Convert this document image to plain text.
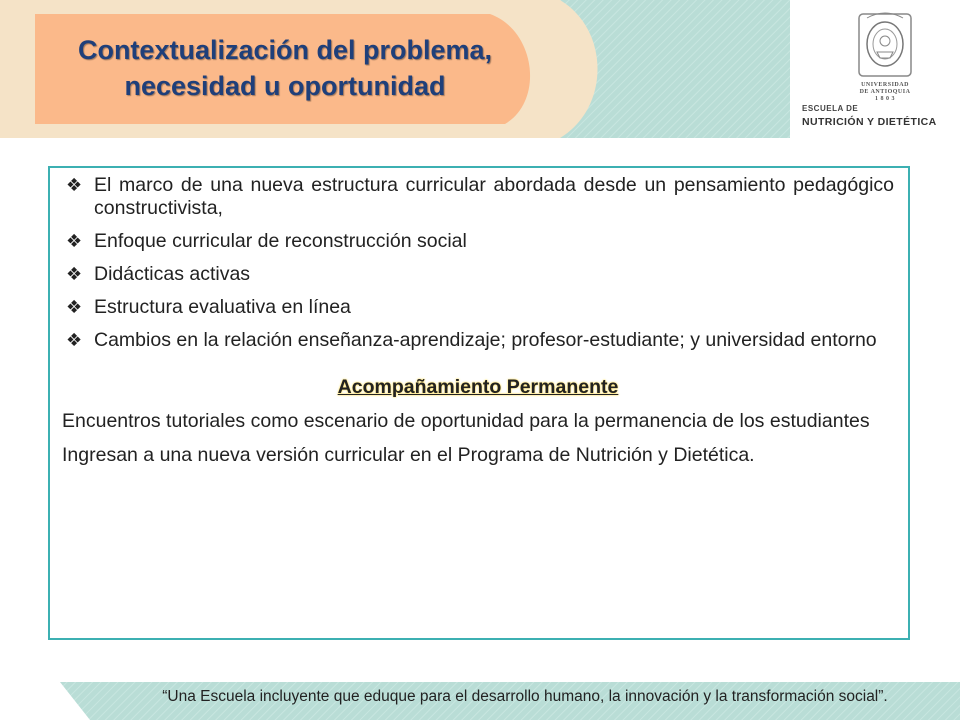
Contextualización del problema,
necesidad u oportunidad	UNIVERSIDAD
DE ANTIOQUIA
1 8 0 3
ESCUELA DE
NUTRICIÓN Y DIETÉTICA
❖ El marco de una nueva estructura curricular abordada desde un pensamiento pedagógico constructivista,
❖ Enfoque curricular de reconstrucción social
❖ Didácticas activas
❖ Estructura evaluativa en línea
❖ Cambios en la relación enseñanza-aprendizaje; profesor-estudiante; y universidad entorno
Acompañamiento Permanente
Encuentros tutoriales como escenario de oportunidad para la permanencia de los estudiantes
Ingresan a una nueva versión curricular en el Programa de Nutrición y Dietética.
“Una Escuela incluyente que eduque para el desarrollo humano, la innovación y la transformación social”.
